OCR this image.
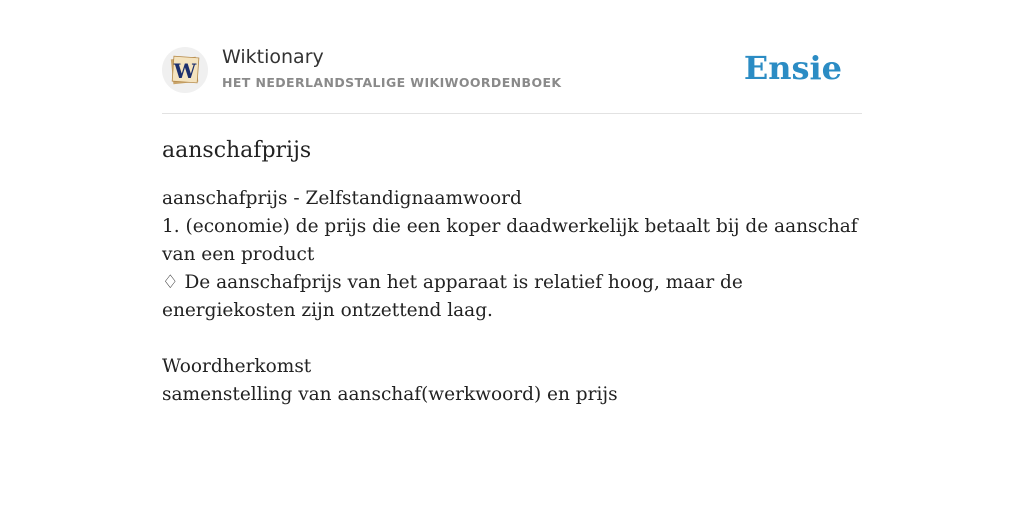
W
Wiktionary
HET NEDERLANDSTALIGE WIKIWOORDENBOEK	Ensie
aanschafprijs

aanschafprijs - Zelfstandignaamwoord

1. (economie) de prijs die een koper daadwerkelijk betaalt bij de aanschaf van een product

♢ De aanschafprijs van het apparaat is relatief hoog, maar de energiekosten zijn ontzettend laag.

Woordherkomst

samenstelling van aanschaf(werkwoord) en prijs
